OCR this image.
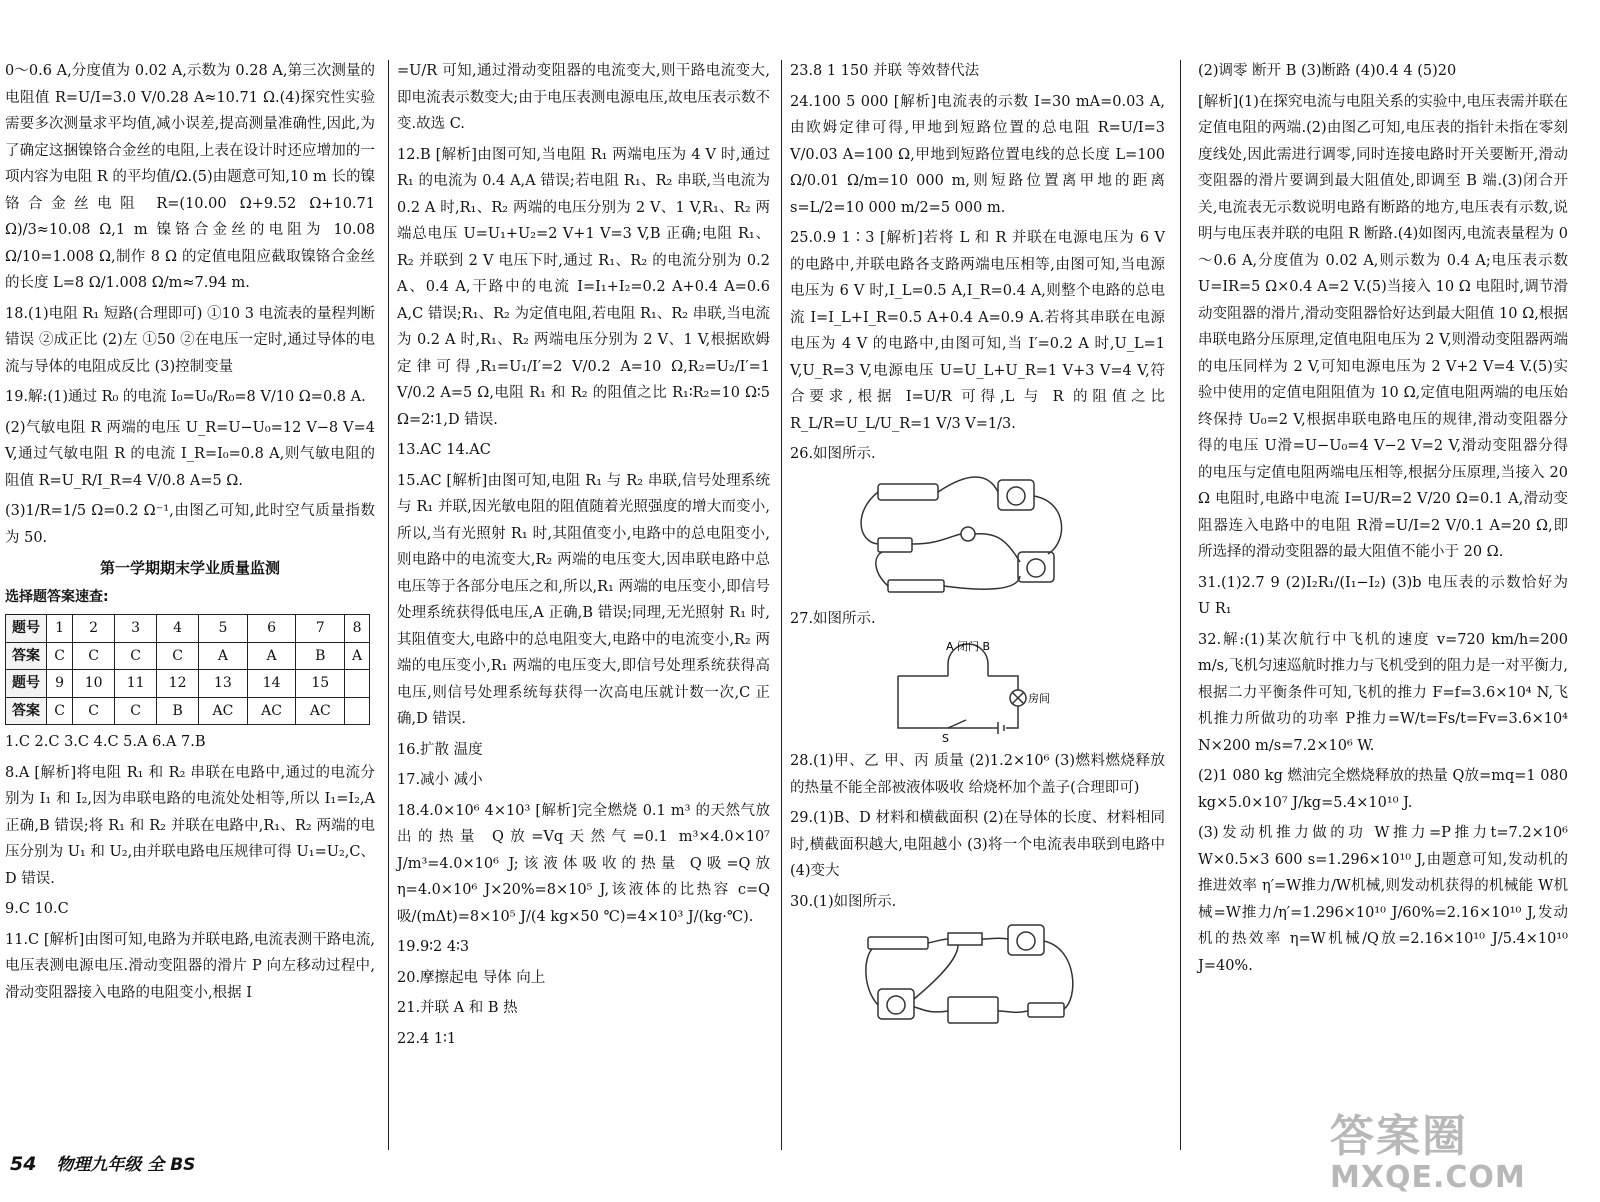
0～0.6 A,分度值为 0.02 A,示数为 0.28 A,第三次测量的电阻值 R=U/I=3.0 V/0.28 A≈10.71 Ω.(4)探究性实验需要多次测量求平均值,减小误差,提高测量准确性,因此,为了确定这捆镍铬合金丝的电阻,上表在设计时还应增加的一项内容为电阻 R 的平均值/Ω.(5)由题意可知,10 m 长的镍铬合金丝电阻 R=(10.00 Ω+9.52 Ω+10.71 Ω)/3≈10.08 Ω,1 m 镍铬合金丝的电阻为 10.08 Ω/10=1.008 Ω,制作 8 Ω 的定值电阻应截取镍铬合金丝的长度 L=8 Ω/1.008 Ω/m≈7.94 m.

18.(1)电阻 R₁ 短路(合理即可) ①10 3 电流表的量程判断错误 ②成正比 (2)左 ①50 ②在电压一定时,通过导体的电流与导体的电阻成反比 (3)控制变量

19.解:(1)通过 R₀ 的电流 I₀=U₀/R₀=8 V/10 Ω=0.8 A.

(2)气敏电阻 R 两端的电压 U_R=U−U₀=12 V−8 V=4 V,通过气敏电阻 R 的电流 I_R=I₀=0.8 A,则气敏电阻的阻值 R=U_R/I_R=4 V/0.8 A=5 Ω.

(3)1/R=1/5 Ω=0.2 Ω⁻¹,由图乙可知,此时空气质量指数为 50.

第一学期期末学业质量监测
选择题答案速查:
题号	1	2	3	4	5	6	7	8
答案	C	C	C	C	A	A	B	A
题号	9	10	11	12	13	14	15	
答案	C	C	C	B	AC	AC	AC	

1.C 2.C 3.C 4.C 5.A 6.A 7.B

8.A [解析]将电阻 R₁ 和 R₂ 串联在电路中,通过的电流分别为 I₁ 和 I₂,因为串联电路的电流处处相等,所以 I₁=I₂,A 正确,B 错误;将 R₁ 和 R₂ 并联在电路中,R₁、R₂ 两端的电压分别为 U₁ 和 U₂,由并联电路电压规律可得 U₁=U₂,C、D 错误.

9.C 10.C

11.C [解析]由图可知,电路为并联电路,电流表测干路电流,电压表测电源电压.滑动变阻器的滑片 P 向左移动过程中,滑动变阻器接入电路的电阻变小,根据 I

=U/R 可知,通过滑动变阻器的电流变大,则干路电流变大,即电流表示数变大;由于电压表测电源电压,故电压表示数不变.故选 C.

12.B [解析]由图可知,当电阻 R₁ 两端电压为 4 V 时,通过 R₁ 的电流为 0.4 A,A 错误;若电阻 R₁、R₂ 串联,当电流为 0.2 A 时,R₁、R₂ 两端的电压分别为 2 V、1 V,R₁、R₂ 两端总电压 U=U₁+U₂=2 V+1 V=3 V,B 正确;电阻 R₁、R₂ 并联到 2 V 电压下时,通过 R₁、R₂ 的电流分别为 0.2 A、0.4 A,干路中的电流 I=I₁+I₂=0.2 A+0.4 A=0.6 A,C 错误;R₁、R₂ 为定值电阻,若电阻 R₁、R₂ 串联,当电流为 0.2 A 时,R₁、R₂ 两端电压分别为 2 V、1 V,根据欧姆定律可得,R₁=U₁/I′=2 V/0.2 A=10 Ω,R₂=U₂/I′=1 V/0.2 A=5 Ω,电阻 R₁ 和 R₂ 的阻值之比 R₁∶R₂=10 Ω∶5 Ω=2∶1,D 错误.

13.AC 14.AC

15.AC [解析]由图可知,电阻 R₁ 与 R₂ 串联,信号处理系统与 R₁ 并联,因光敏电阻的阻值随着光照强度的增大而变小,所以,当有光照射 R₁ 时,其阻值变小,电路中的总电阻变小,则电路中的电流变大,R₂ 两端的电压变大,因串联电路中总电压等于各部分电压之和,所以,R₁ 两端的电压变小,即信号处理系统获得低电压,A 正确,B 错误;同理,无光照射 R₁ 时,其阻值变大,电路中的总电阻变大,电路中的电流变小,R₂ 两端的电压变小,R₁ 两端的电压变大,即信号处理系统获得高电压,则信号处理系统每获得一次高电压就计数一次,C 正确,D 错误.

16.扩散 温度

17.减小 减小

18.4.0×10⁶ 4×10³ [解析]完全燃烧 0.1 m³ 的天然气放出的热量 Q放=Vq天然气=0.1 m³×4.0×10⁷ J/m³=4.0×10⁶ J;该液体吸收的热量 Q吸=Q放η=4.0×10⁶ J×20%=8×10⁵ J,该液体的比热容 c=Q吸/(mΔt)=8×10⁵ J/(4 kg×50 ℃)=4×10³ J/(kg·℃).

19.9∶2 4∶3

20.摩擦起电 导体 向上

21.并联 A 和 B 热

22.4 1∶1

23.8 1 150 并联 等效替代法

24.100 5 000 [解析]电流表的示数 I=30 mA=0.03 A,由欧姆定律可得,甲地到短路位置的总电阻 R=U/I=3 V/0.03 A=100 Ω,甲地到短路位置电线的总长度 L=100 Ω/0.01 Ω/m=10 000 m,则短路位置离甲地的距离 s=L/2=10 000 m/2=5 000 m.

25.0.9 1∶3 [解析]若将 L 和 R 并联在电源电压为 6 V 的电路中,并联电路各支路两端电压相等,由图可知,当电源电压为 6 V 时,I_L=0.5 A,I_R=0.4 A,则整个电路的总电流 I=I_L+I_R=0.5 A+0.4 A=0.9 A.若将其串联在电源电压为 4 V 的电路中,由图可知,当 I′=0.2 A 时,U_L=1 V,U_R=3 V,电源电压 U=U_L+U_R=1 V+3 V=4 V,符合要求,根据 I=U/R 可得,L 与 R 的阻值之比 R_L/R=U_L/U_R=1 V/3 V=1/3.

26.如图所示.

27.如图所示.

A 闭门 B
房间
S

28.(1)甲、乙 甲、丙 质量 (2)1.2×10⁶ (3)燃料燃烧释放的热量不能全部被液体吸收 给烧杯加个盖子(合理即可)

29.(1)B、D 材料和横截面积 (2)在导体的长度、材料相同时,横截面积越大,电阻越小 (3)将一个电流表串联到电路中 (4)变大

30.(1)如图所示.

(2)调零 断开 B (3)断路 (4)0.4 4 (5)20

[解析](1)在探究电流与电阻关系的实验中,电压表需并联在定值电阻的两端.(2)由图乙可知,电压表的指针未指在零刻度线处,因此需进行调零,同时连接电路时开关要断开,滑动变阻器的滑片要调到最大阻值处,即调至 B 端.(3)闭合开关,电流表无示数说明电路有断路的地方,电压表有示数,说明与电压表并联的电阻 R 断路.(4)如图丙,电流表量程为 0～0.6 A,分度值为 0.02 A,则示数为 0.4 A;电压表示数 U=IR=5 Ω×0.4 A=2 V.(5)当接入 10 Ω 电阻时,调节滑动变阻器的滑片,滑动变阻器恰好达到最大阻值 10 Ω,根据串联电路分压原理,定值电阻电压为 2 V,则滑动变阻器两端的电压同样为 2 V,可知电源电压为 2 V+2 V=4 V.(5)实验中使用的定值电阻阻值为 10 Ω,定值电阻两端的电压始终保持 U₀=2 V,根据串联电路电压的规律,滑动变阻器分得的电压 U滑=U−U₀=4 V−2 V=2 V,滑动变阻器分得的电压与定值电阻两端电压相等,根据分压原理,当接入 20 Ω 电阻时,电路中电流 I=U/R=2 V/20 Ω=0.1 A,滑动变阻器连入电路中的电阻 R滑=U/I=2 V/0.1 A=20 Ω,即所选择的滑动变阻器的最大阻值不能小于 20 Ω.

31.(1)2.7 9 (2)I₂R₁/(I₁−I₂) (3)b 电压表的示数恰好为 U R₁

32.解:(1)某次航行中飞机的速度 v=720 km/h=200 m/s,飞机匀速巡航时推力与飞机受到的阻力是一对平衡力,根据二力平衡条件可知,飞机的推力 F=f=3.6×10⁴ N,飞机推力所做功的功率 P推力=W/t=Fs/t=Fv=3.6×10⁴ N×200 m/s=7.2×10⁶ W.

(2)1 080 kg 燃油完全燃烧释放的热量 Q放=mq=1 080 kg×5.0×10⁷ J/kg=5.4×10¹⁰ J.

(3)发动机推力做的功 W推力=P推力t=7.2×10⁶ W×0.5×3 600 s=1.296×10¹⁰ J,由题意可知,发动机的推进效率 η′=W推力/W机械,则发动机获得的机械能 W机械=W推力/η′=1.296×10¹⁰ J/60%=2.16×10¹⁰ J,发动机的热效率 η=W机械/Q放=2.16×10¹⁰ J/5.4×10¹⁰ J=40%.

54 物理九年级 全 BS
答案圈
MXQE.COM
